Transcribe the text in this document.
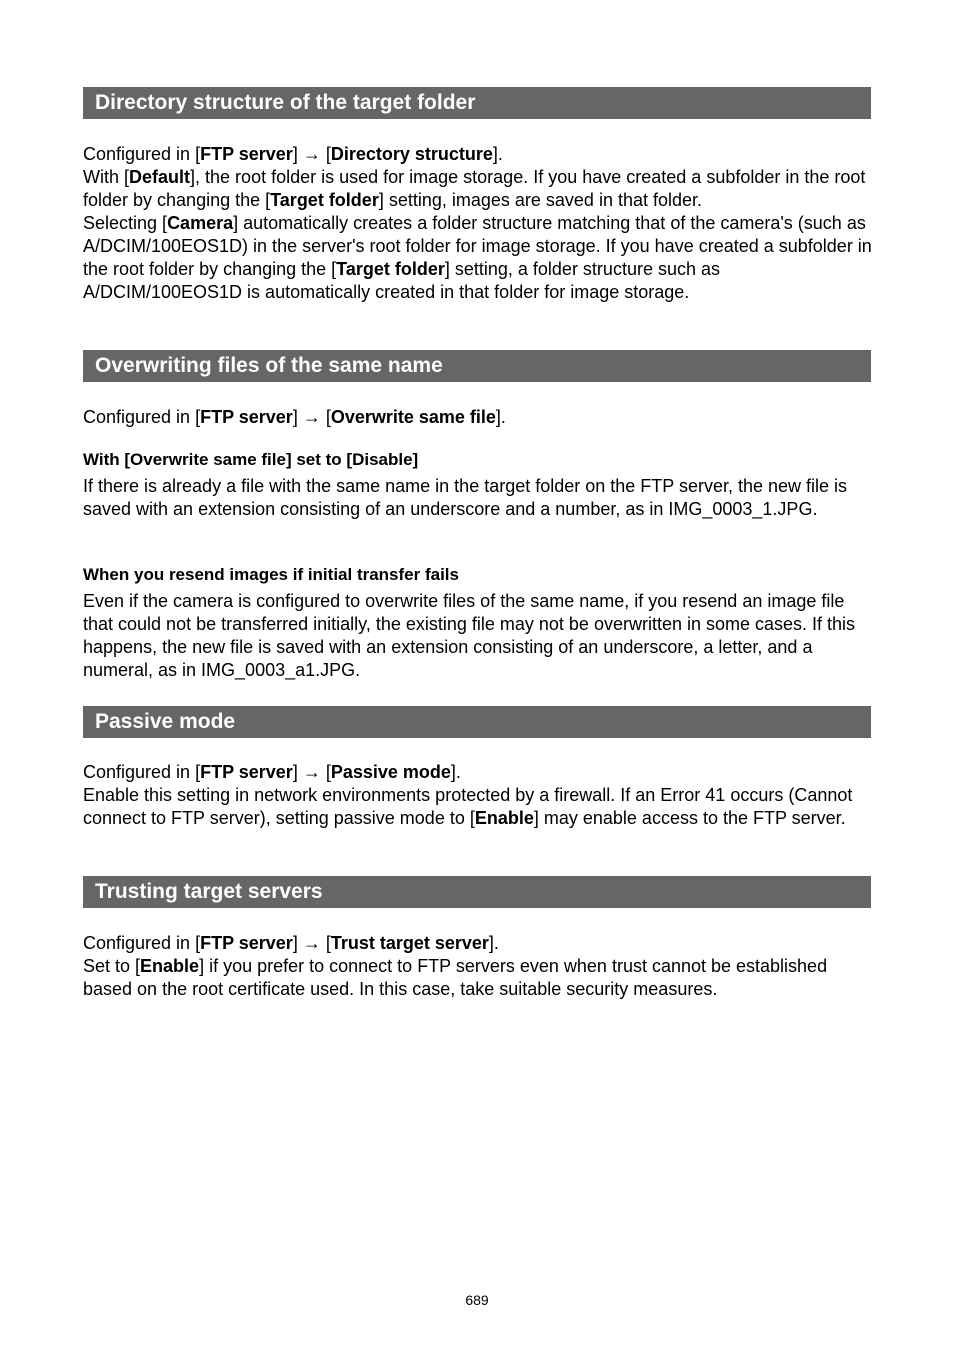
Directory structure of the target folder

Configured in [FTP server] → [Directory structure].
With [Default], the root folder is used for image storage. If you have created a subfolder in the root folder by changing the [Target folder] setting, images are saved in that folder.
Selecting [Camera] automatically creates a folder structure matching that of the camera's (such as A/DCIM/100EOS1D) in the server's root folder for image storage. If you have created a subfolder in the root folder by changing the [Target folder] setting, a folder structure such as A/DCIM/100EOS1D is automatically created in that folder for image storage.

Overwriting files of the same name

Configured in [FTP server] → [Overwrite same file].

With [Overwrite same file] set to [Disable]

If there is already a file with the same name in the target folder on the FTP server, the new file is saved with an extension consisting of an underscore and a number, as in IMG_0003_1.JPG.

When you resend images if initial transfer fails

Even if the camera is configured to overwrite files of the same name, if you resend an image file that could not be transferred initially, the existing file may not be overwritten in some cases. If this happens, the new file is saved with an extension consisting of an underscore, a letter, and a numeral, as in IMG_0003_a1.JPG.

Passive mode

Configured in [FTP server] → [Passive mode].
Enable this setting in network environments protected by a firewall. If an Error 41 occurs (Cannot connect to FTP server), setting passive mode to [Enable] may enable access to the FTP server.

Trusting target servers

Configured in [FTP server] → [Trust target server].
Set to [Enable] if you prefer to connect to FTP servers even when trust cannot be established based on the root certificate used. In this case, take suitable security measures.

689
